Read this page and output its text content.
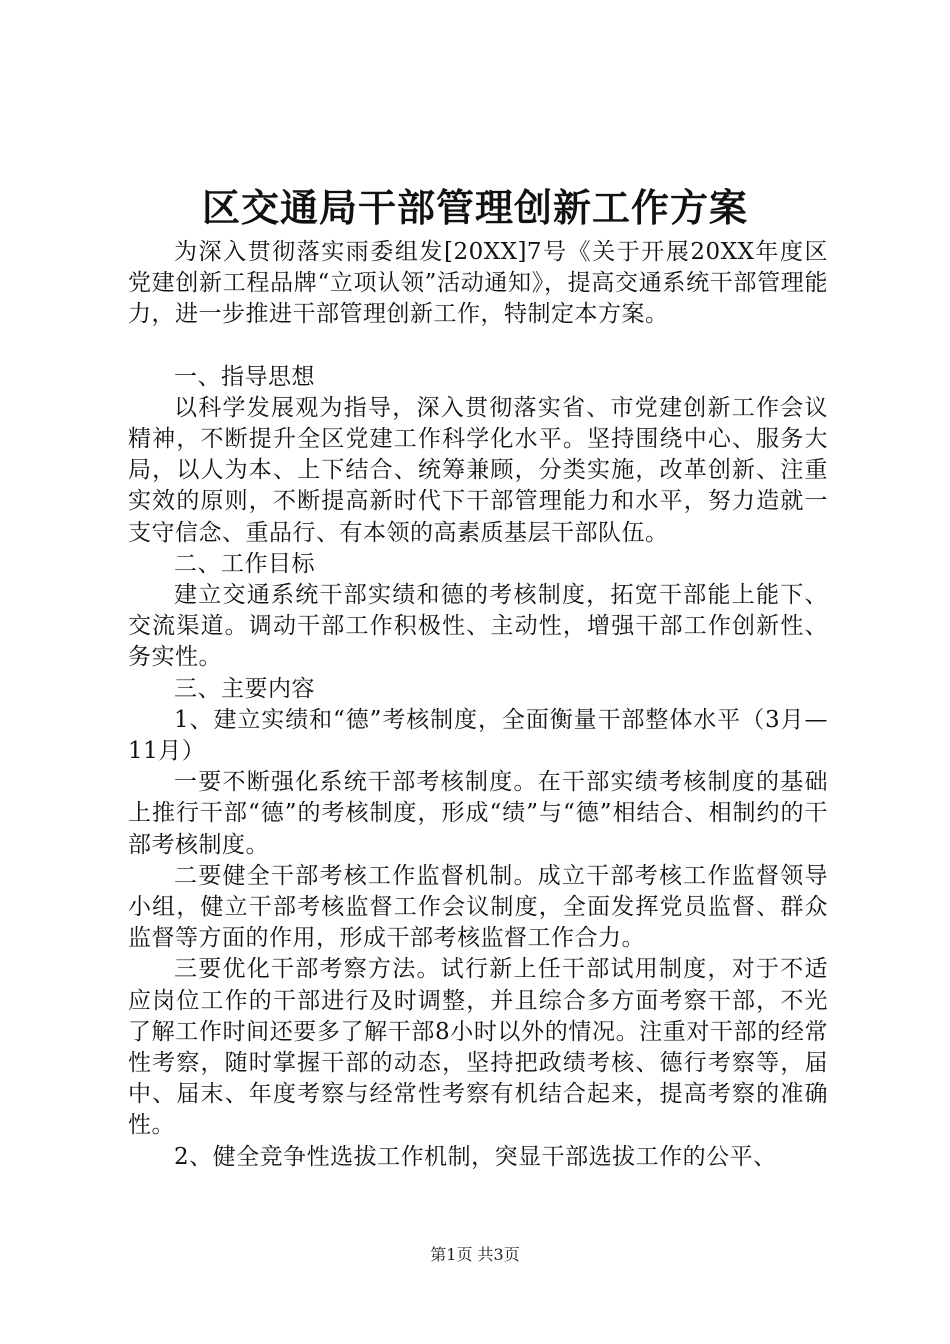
区交通局干部管理创新工作方案

为深入贯彻落实雨委组发[20XX]7号《关于开展20XX年度区党建创新工程品牌“立项认领”活动通知》，提高交通系统干部管理能力，进一步推进干部管理创新工作，特制定本方案。

一、指导思想

以科学发展观为指导，深入贯彻落实省、市党建创新工作会议精神，不断提升全区党建工作科学化水平。坚持围绕中心、服务大局，以人为本、上下结合、统筹兼顾，分类实施，改革创新、注重实效的原则，不断提高新时代下干部管理能力和水平，努力造就一支守信念、重品行、有本领的高素质基层干部队伍。

二、工作目标

建立交通系统干部实绩和德的考核制度，拓宽干部能上能下、交流渠道。调动干部工作积极性、主动性，增强干部工作创新性、务实性。

三、主要内容

1、建立实绩和“德”考核制度，全面衡量干部整体水平（3月—11月）

一要不断强化系统干部考核制度。在干部实绩考核制度的基础上推行干部“德”的考核制度，形成“绩”与“德”相结合、相制约的干部考核制度。

二要健全干部考核工作监督机制。成立干部考核工作监督领导小组，健立干部考核监督工作会议制度，全面发挥党员监督、群众监督等方面的作用，形成干部考核监督工作合力。

三要优化干部考察方法。试行新上任干部试用制度，对于不适应岗位工作的干部进行及时调整，并且综合多方面考察干部，不光了解工作时间还要多了解干部8小时以外的情况。注重对干部的经常性考察，随时掌握干部的动态，坚持把政绩考核、德行考察等，届中、届末、年度考察与经常性考察有机结合起来，提高考察的准确性。

2、健全竞争性选拔工作机制，突显干部选拔工作的公平、

第1页 共3页
